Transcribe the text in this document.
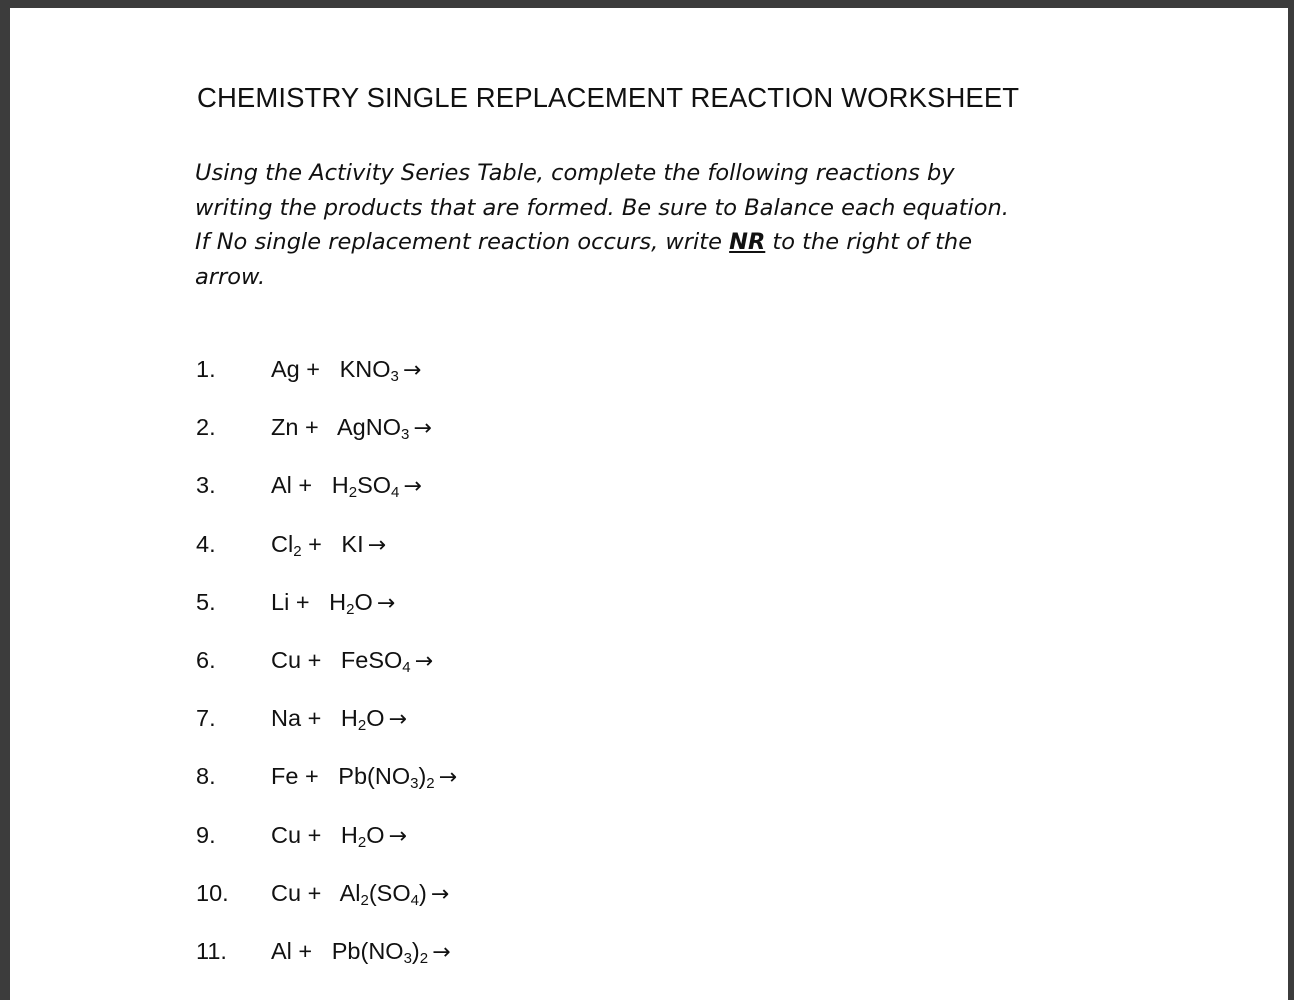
CHEMISTRY SINGLE REPLACEMENT REACTION WORKSHEET
Using the Activity Series Table, complete the following reactions by
writing the products that are formed. Be sure to Balance each equation.
If No single replacement reaction occurs, write NR to the right of the
arrow.
1. $Ag + KNO_3$ →
2. Zn +   AgNO$_3$ →
3. $Al + H_2SO_4$ →
4. $Cl_2$ +   KI →
5. $Li + H_2O$ →
6. Cu +   FeSO$_4$ →
7. $Na + H_2O$ →
8. $Fe + Pb(NO_3)_2$ →
9. $Cu + H_2O$ →
10. $Cu + Al_2(SO_4)$ →
11. $Al + Pb(NO_3)_2$ →
